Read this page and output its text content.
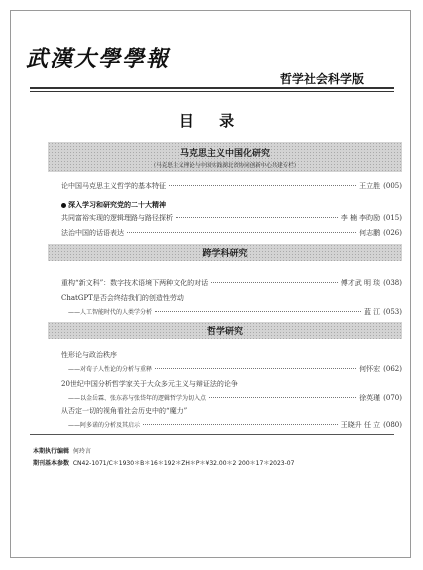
武漢大學學報
哲学社会科学版
目 录
马克思主义中国化研究
（马克思主义理论与中国实践湖北省协同创新中心共建专栏）
论中国马克思主义哲学的基本特征	王立胜 (005)
深入学习和研究党的二十大精神
共同富裕实现的逻辑理路与路径探析	李 楠 李昀励 (015)
法治中国的话语表达	何志鹏 (026)
跨学科研究
重构“新文科”：数字技术语境下两种文化的对话	傅才武 明 琰 (038)
ChatGPT是否会终结我们的创造性劳动
——人工智能时代的人类学分析	蓝 江 (053)
哲学研究
性形论与政治秩序
——对荀子人性论的分析与重释	何怀宏 (062)
20世纪中国分析哲学家关于大众多元主义与辩证法的论争
——以金岳霖、张东荪与张岱年的逻辑哲学为切入点	徐英瑾 (070)
从否定一切的视角看社会历史中的“魔力”
——阿多诺的分析及其启示	王晓升 任 立 (080)
本期执行编辑 何玲言
期刊基本参数 CN42-1071/C＊1930＊B＊16＊192＊ZH＊P＊¥32.00＊2 200＊17＊2023-07
